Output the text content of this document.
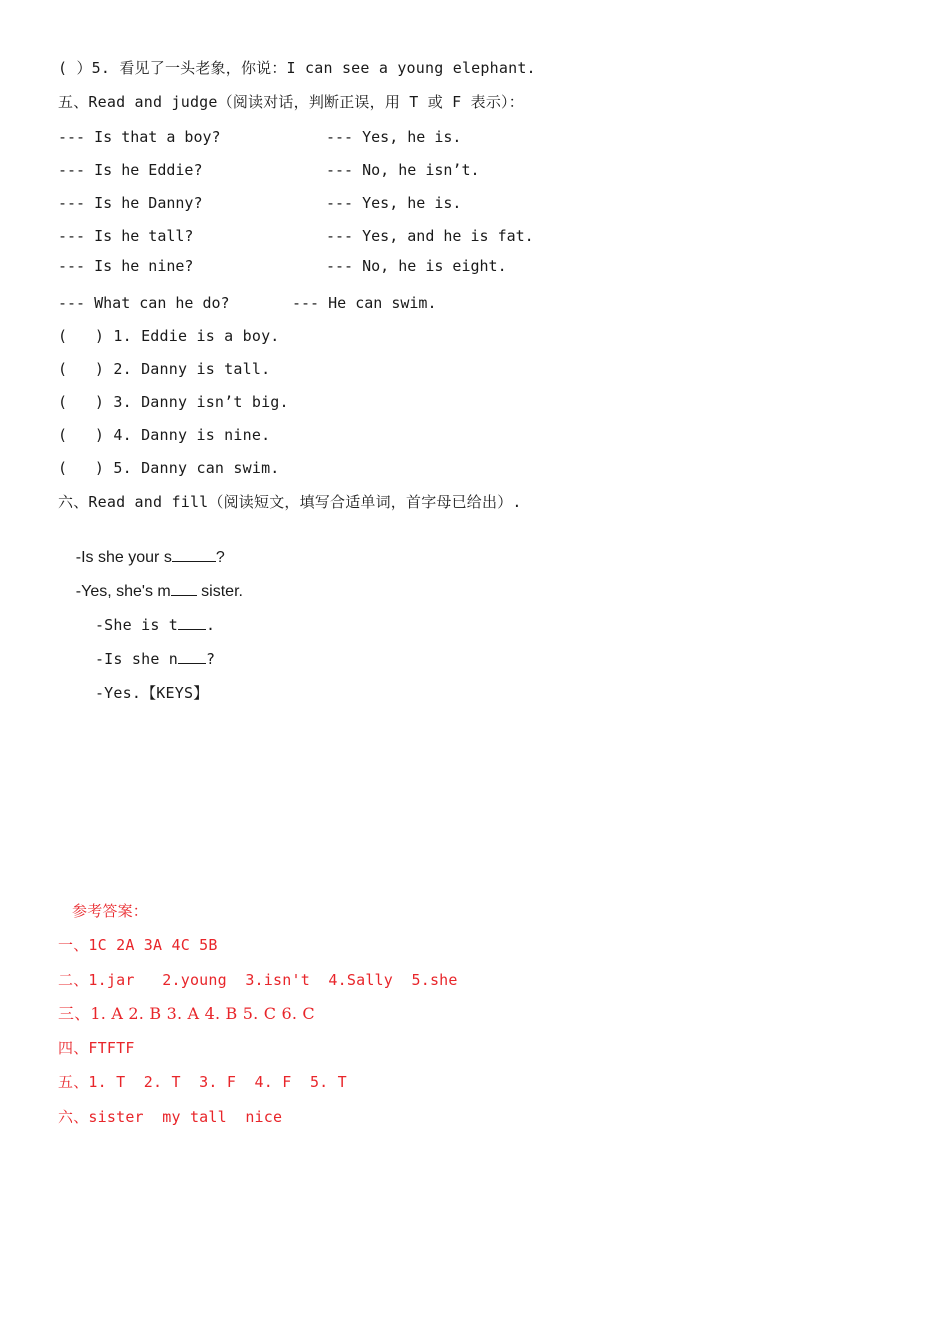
( ）5. 看见了一头老象，你说：I can see a young elephant.
五、Read and judge（阅读对话，判断正误，用 T 或 F 表示）：
--- Is that a boy?	--- Yes, he is.
--- Is he Eddie?	--- No, he isn’t.
--- Is he Danny?	--- Yes, he is.
--- Is he tall?	--- Yes, and he is fat.
--- Is he nine?	--- No, he is eight.
--- What can he do?	--- He can swim.
(   ) 1. Eddie is a boy.
(   ) 2. Danny is tall.
(   ) 3. Danny isn’t big.
(   ) 4. Danny is nine.
(   ) 5. Danny can swim.
六、Read and fill（阅读短文，填写合适单词，首字母已给出）.

-Is she your s	?

-Yes, she's m sister.

-She is t .

-Is she n ?

-Yes.【KEYS】

参考答案：
一、1C 2A 3A 4C 5B
二、1.jar   2.young  3.isn't  4.Sally  5.she
三、1. A 2. B 3. A 4. B 5. C 6. C
四、FTFTF
五、1. T  2. T  3. F  4. F  5. T
六、sister  my tall  nice
